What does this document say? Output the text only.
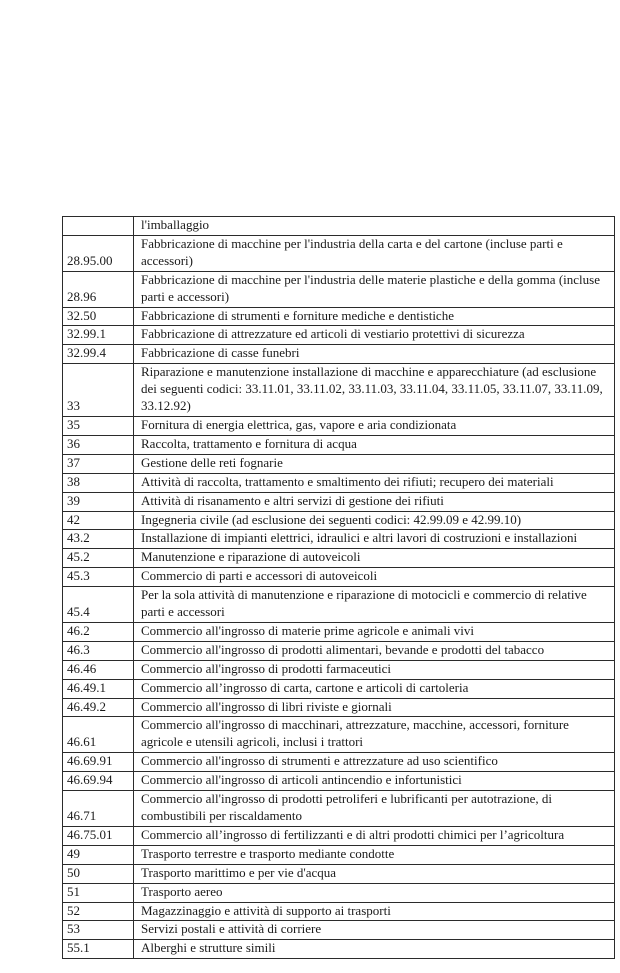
	l'imballaggio
28.95.00	Fabbricazione di macchine per l'industria della carta e del cartone (incluse parti e accessori)
28.96	Fabbricazione di macchine per l'industria delle materie plastiche e della gomma (incluse parti e accessori)
32.50	Fabbricazione di strumenti e forniture mediche e dentistiche
32.99.1	Fabbricazione di attrezzature ed articoli di vestiario protettivi di sicurezza
32.99.4	Fabbricazione di casse funebri
33	Riparazione e manutenzione installazione di macchine e apparecchiature (ad esclusione dei seguenti codici: 33.11.01, 33.11.02, 33.11.03, 33.11.04, 33.11.05, 33.11.07, 33.11.09, 33.12.92)
35	Fornitura di energia elettrica, gas, vapore e aria condizionata
36	Raccolta, trattamento e fornitura di acqua
37	Gestione delle reti fognarie
38	Attività di raccolta, trattamento e smaltimento dei rifiuti; recupero dei materiali
39	Attività di risanamento e altri servizi di gestione dei rifiuti
42	Ingegneria civile (ad esclusione dei seguenti codici: 42.99.09 e 42.99.10)
43.2	Installazione di impianti elettrici, idraulici e altri lavori di costruzioni e installazioni
45.2	Manutenzione e riparazione di autoveicoli
45.3	Commercio di parti e accessori di autoveicoli
45.4	Per la sola attività di manutenzione e riparazione di motocicli e commercio di relative parti e accessori
46.2	Commercio all'ingrosso di materie prime agricole e animali vivi
46.3	Commercio all'ingrosso di prodotti alimentari, bevande e prodotti del tabacco
46.46	Commercio all'ingrosso di prodotti farmaceutici
46.49.1	Commercio all’ingrosso di carta, cartone e articoli di cartoleria
46.49.2	Commercio all'ingrosso di libri riviste e giornali
46.61	Commercio all'ingrosso di macchinari, attrezzature, macchine, accessori, forniture agricole e utensili agricoli, inclusi i trattori
46.69.91	Commercio all'ingrosso di strumenti e attrezzature ad uso scientifico
46.69.94	Commercio all'ingrosso di articoli antincendio e infortunistici
46.71	Commercio all'ingrosso di prodotti petroliferi e lubrificanti per autotrazione, di combustibili per riscaldamento
46.75.01	Commercio all’ingrosso di fertilizzanti e di altri prodotti chimici per l’agricoltura
49	Trasporto terrestre e trasporto mediante condotte
50	Trasporto marittimo e per vie d'acqua
51	Trasporto aereo
52	Magazzinaggio e attività di supporto ai trasporti
53	Servizi postali e attività di corriere
55.1	Alberghi e strutture simili
